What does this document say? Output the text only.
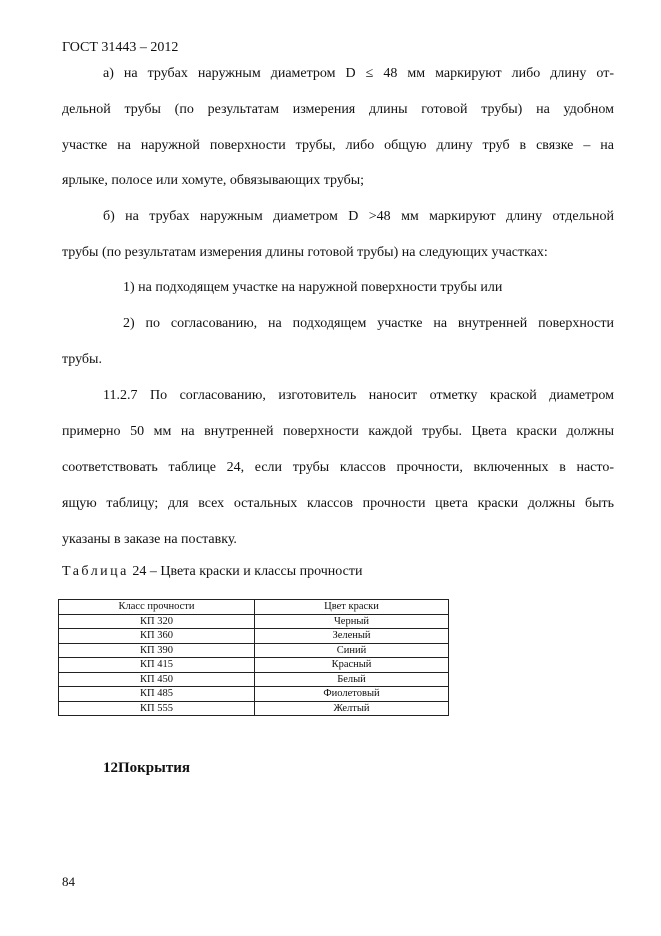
ГОСТ 31443 – 2012
а) на трубах наружным диаметром D ≤ 48 мм маркируют либо длину от-
дельной трубы (по результатам измерения длины готовой трубы) на удобном
участке на наружной поверхности трубы, либо общую длину труб в связке – на
ярлыке, полосе или хомуте, обвязывающих трубы;
б) на трубах наружным диаметром D >48 мм маркируют длину отдельной
трубы (по результатам измерения длины готовой трубы) на следующих участках:
1) на подходящем участке на наружной поверхности трубы или
2) по согласованию, на подходящем участке на внутренней поверхности
трубы.
11.2.7 По согласованию, изготовитель наносит отметку краской диаметром
примерно 50 мм на внутренней поверхности каждой трубы. Цвета краски должны
соответствовать таблице 24, если трубы классов прочности, включенных в насто-
ящую таблицу; для всех остальных классов прочности цвета краски должны быть
указаны в заказе на поставку.
Таблица 24 – Цвета краски и классы прочности
Класс прочности	Цвет краски
КП 320	Черный
КП 360	Зеленый
КП 390	Синий
КП 415	Красный
КП 450	Белый
КП 485	Фиолетовый
КП 555	Желтый
12Покрытия
84
